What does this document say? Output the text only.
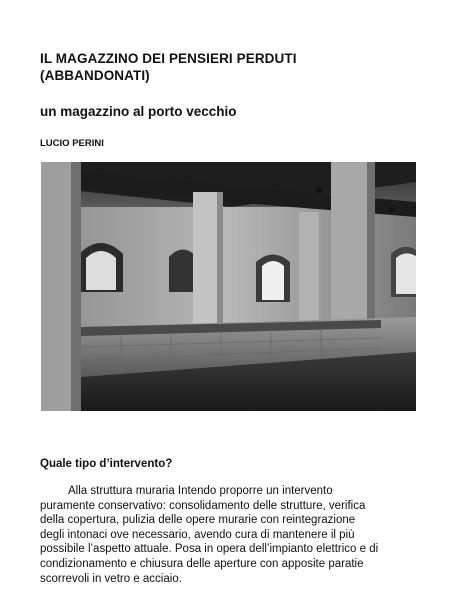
IL MAGAZZINO DEI PENSIERI PERDUTI
(ABBANDONATI)
un magazzino al porto vecchio
LUCIO PERINI
Quale tipo d’intervento?
Alla struttura muraria Intendo proporre un intervento
puramente conservativo: consolidamento delle strutture, verifica
della copertura, pulizia delle opere murarie con reintegrazione
degli intonaci ove necessario, avendo cura di mantenere il più
possibile l’aspetto attuale. Posa in opera dell’impianto elettrico e di
condizionamento e chiusura delle aperture con apposite paratie
scorrevoli in vetro e acciaio.
